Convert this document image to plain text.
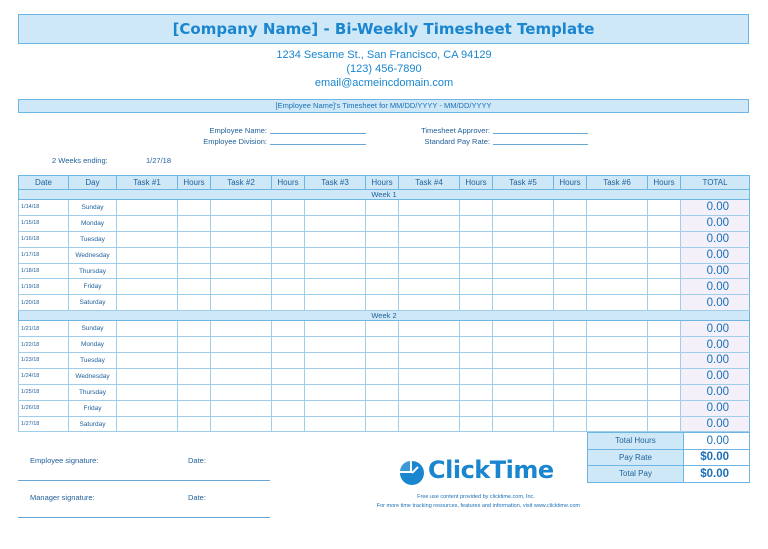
[Company Name] - Bi-Weekly Timesheet Template
1234 Sesame St., San Francisco, CA 94129
(123) 456-7890
email@acmeincdomain.com
[Employee Name]'s Timesheet for MM/DD/YYYY - MM/DD/YYYY
Employee Name:
Employee Division:
Timesheet Approver:
Standard Pay Rate:
2 Weeks ending:	1/27/18
Date	Day	Task #1	Hours	Task #2	Hours	Task #3	Hours	Task #4	Hours	Task #5	Hours	Task #6	Hours	TOTAL
Week 1														
1/14/18	Sunday													0.00
1/15/18	Monday													0.00
1/16/18	Tuesday													0.00
1/17/18	Wednesday													0.00
1/18/18	Thursday													0.00
1/19/18	Friday													0.00
1/20/18	Saturday													0.00
Week 2														
1/21/18	Sunday													0.00
1/22/18	Monday													0.00
1/23/18	Tuesday													0.00
1/24/18	Wednesday													0.00
1/25/18	Thursday													0.00
1/26/18	Friday													0.00
1/27/18	Saturday													0.00
Total Hours	0.00
Pay Rate	$0.00
Total Pay	$0.00
Employee signature:	Date:
Manager signature:	Date:
ClickTime
Free use content provided by clicktime.com, Inc.
For more time tracking resources, features and information, visit www.clicktime.com
